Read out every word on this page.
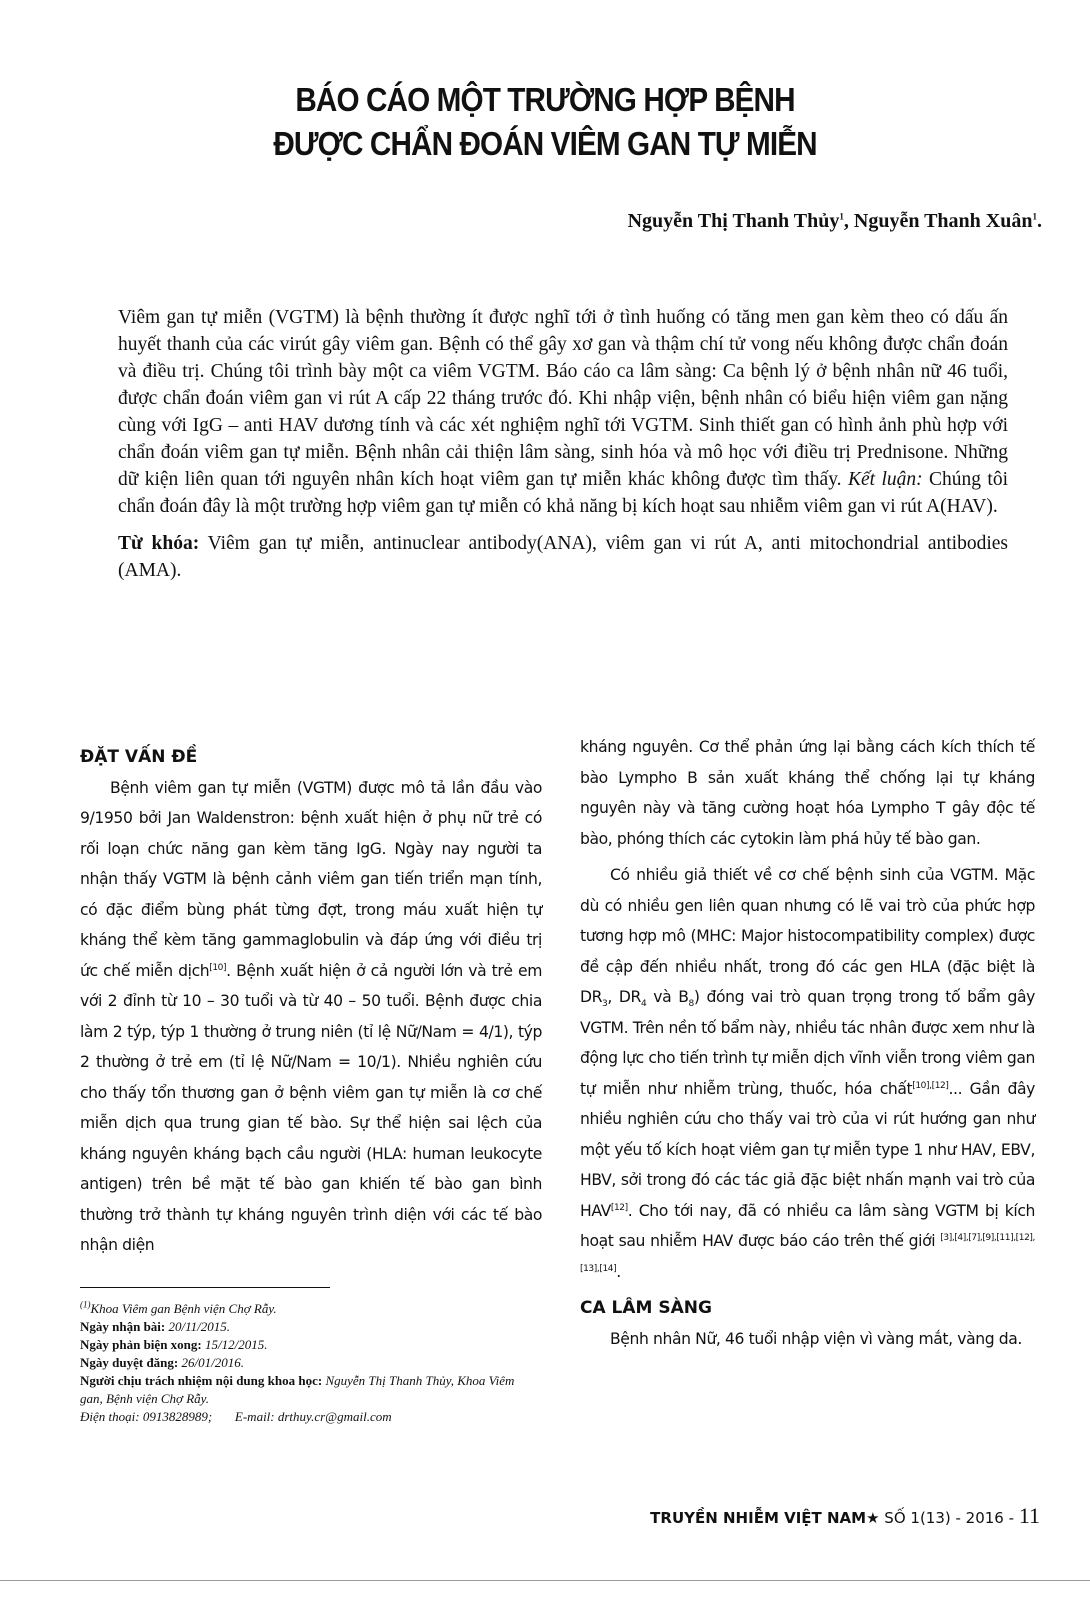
BÁO CÁO MỘT TRƯỜNG HỢP BỆNH
ĐƯỢC CHẨN ĐOÁN VIÊM GAN TỰ MIỄN
Nguyễn Thị Thanh Thủy$^1$, Nguyễn Thanh Xuân$^1$.

Viêm gan tự miễn (VGTM) là bệnh thường ít được nghĩ tới ở tình huống có tăng men gan kèm theo có dấu ấn huyết thanh của các virút gây viêm gan. Bệnh có thể gây xơ gan và thậm chí tử vong nếu không được chẩn đoán và điều trị. Chúng tôi trình bày một ca viêm VGTM. Báo cáo ca lâm sàng: Ca bệnh lý ở bệnh nhân nữ 46 tuổi, được chẩn đoán viêm gan vi rút A cấp 22 tháng trước đó. Khi nhập viện, bệnh nhân có biểu hiện viêm gan nặng cùng với IgG – anti HAV dương tính và các xét nghiệm nghĩ tới VGTM. Sinh thiết gan có hình ảnh phù hợp với chẩn đoán viêm gan tự miễn. Bệnh nhân cải thiện lâm sàng, sinh hóa và mô học với điều trị Prednisone. Những dữ kiện liên quan tới nguyên nhân kích hoạt viêm gan tự miễn khác không được tìm thấy. Kết luận: Chúng tôi chẩn đoán đây là một trường hợp viêm gan tự miễn có khả năng bị kích hoạt sau nhiễm viêm gan vi rút A(HAV).

Từ khóa: Viêm gan tự miễn, antinuclear antibody(ANA), viêm gan vi rút A, anti mitochondrial antibodies (AMA).

ĐẶT VẤN ĐỀ

Bệnh viêm gan tự miễn (VGTM) được mô tả lần đầu vào 9/1950 bởi Jan Waldenstron: bệnh xuất hiện ở phụ nữ trẻ có rối loạn chức năng gan kèm tăng IgG. Ngày nay người ta nhận thấy VGTM là bệnh cảnh viêm gan tiến triển mạn tính, có đặc điểm bùng phát từng đợt, trong máu xuất hiện tự kháng thể kèm tăng gammaglobulin và đáp ứng với điều trị ức chế miễn dịch[10]. Bệnh xuất hiện ở cả người lớn và trẻ em với 2 đỉnh từ 10 – 30 tuổi và từ 40 – 50 tuổi. Bệnh được chia làm 2 týp, týp 1 thường ở trung niên (tỉ lệ Nữ/Nam = 4/1), týp 2 thường ở trẻ em (tỉ lệ Nữ/Nam = 10/1). Nhiều nghiên cứu cho thấy tổn thương gan ở bệnh viêm gan tự miễn là cơ chế miễn dịch qua trung gian tế bào. Sự thể hiện sai lệch của kháng nguyên kháng bạch cầu người (HLA: human leukocyte antigen) trên bề mặt tế bào gan khiến tế bào gan bình thường trở thành tự kháng nguyên trình diện với các tế bào nhận diện

kháng nguyên. Cơ thể phản ứng lại bằng cách kích thích tế bào Lympho B sản xuất kháng thể chống lại tự kháng nguyên này và tăng cường hoạt hóa Lympho T gây độc tế bào, phóng thích các cytokin làm phá hủy tế bào gan.

Có nhiều giả thiết về cơ chế bệnh sinh của VGTM. Mặc dù có nhiều gen liên quan nhưng có lẽ vai trò của phức hợp tương hợp mô (MHC: Major histocompatibility complex) được đề cập đến nhiều nhất, trong đó các gen HLA (đặc biệt là $DR_3$, $DR_4$ và $B_8$) đóng vai trò quan trọng trong tố bẩm gây VGTM. Trên nền tố bẩm này, nhiều tác nhân được xem như là động lực cho tiến trình tự miễn dịch vĩnh viễn trong viêm gan tự miễn như nhiễm trùng, thuốc, hóa chất[10],[12]... Gần đây nhiều nghiên cứu cho thấy vai trò của vi rút hướng gan như một yếu tố kích hoạt viêm gan tự miễn type 1 như HAV, EBV, HBV, sởi trong đó các tác giả đặc biệt nhấn mạnh vai trò của HAV[12]. Cho tới nay, đã có nhiều ca lâm sàng VGTM bị kích hoạt sau nhiễm HAV được báo cáo trên thế giới [3],[4],[7],[9],[11],[12],[13],[14].

CA LÂM SÀNG

Bệnh nhân Nữ, 46 tuổi nhập viện vì vàng mắt, vàng da.

$^{(1)}$Khoa Viêm gan Bệnh viện Chợ Rẫy.
Ngày nhận bài: 20/11/2015.
Ngày phản biện xong: 15/12/2015.
Ngày duyệt đăng: 26/01/2016.
Người chịu trách nhiệm nội dung khoa học: Nguyễn Thị Thanh Thủy, Khoa Viêm gan, Bệnh viện Chợ Rẫy.
Điện thoại: 0913828989; E-mail: drthuy.cr@gmail.com
TRUYỀN NHIỄM VIỆT NAM★ SỐ 1(13) - 2016 - 11
